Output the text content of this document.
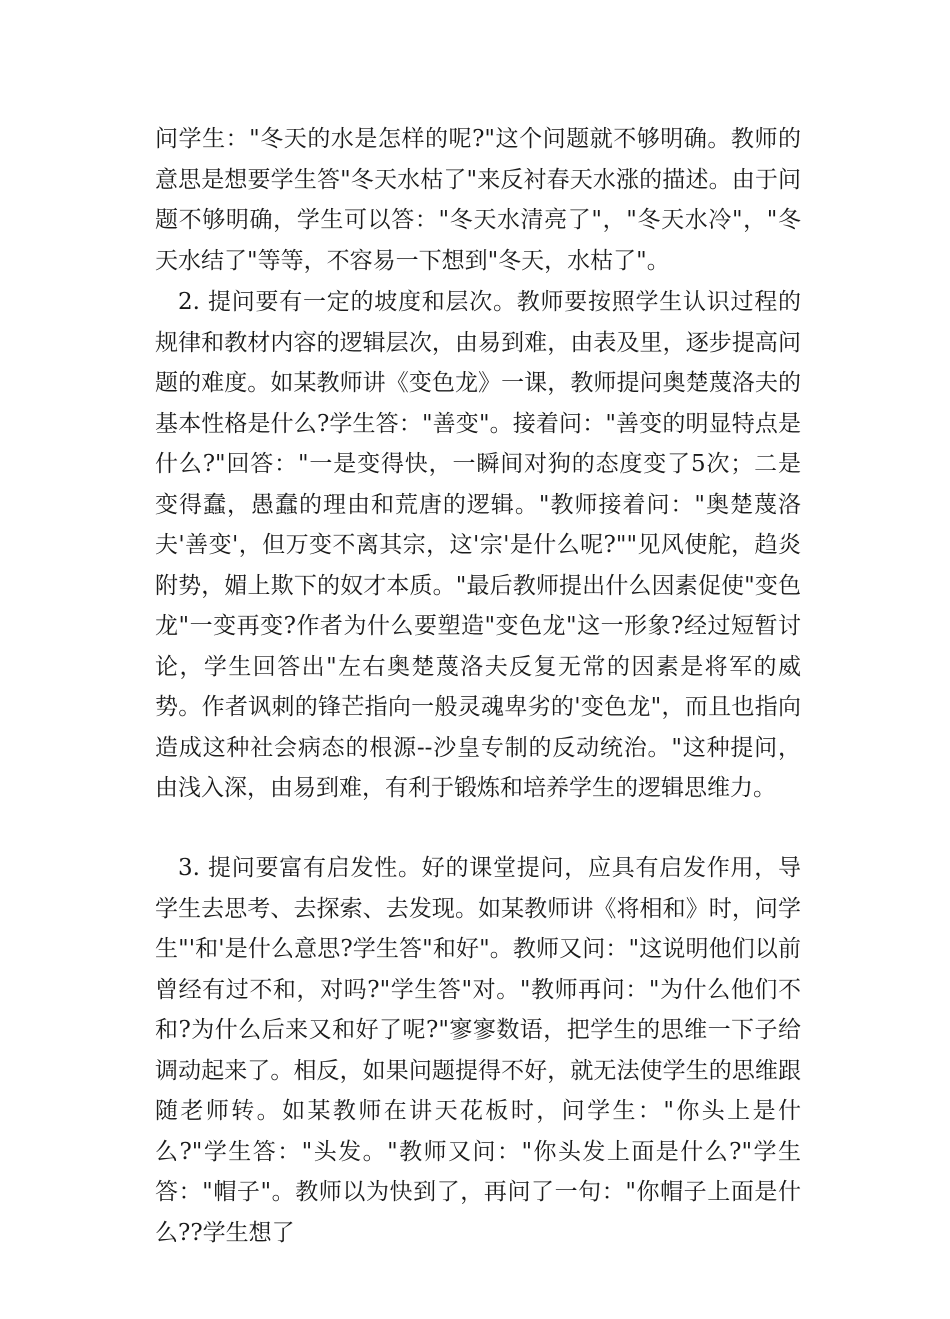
问学生："冬天的水是怎样的呢?"这个问题就不够明确。教师的意思是想要学生答"冬天水枯了"来反衬春天水涨的描述。由于问题不够明确，学生可以答："冬天水清亮了"，"冬天水冷"，"冬天水结了"等等，不容易一下想到"冬天，水枯了"。

2. 提问要有一定的坡度和层次。教师要按照学生认识过程的规律和教材内容的逻辑层次，由易到难，由表及里，逐步提高问题的难度。如某教师讲《变色龙》一课，教师提问奥楚蔑洛夫的基本性格是什么?学生答："善变"。接着问："善变的明显特点是什么?"回答："一是变得快，一瞬间对狗的态度变了5次；二是变得蠢，愚蠢的理由和荒唐的逻辑。"教师接着问："奥楚蔑洛夫'善变'，但万变不离其宗，这'宗'是什么呢?""见风使舵，趋炎附势，媚上欺下的奴才本质。"最后教师提出什么因素促使"变色龙"一变再变?作者为什么要塑造"变色龙"这一形象?经过短暂讨论，学生回答出"左右奥楚蔑洛夫反复无常的因素是将军的威势。作者讽刺的锋芒指向一般灵魂卑劣的'变色龙"，而且也指向造成这种社会病态的根源--沙皇专制的反动统治。"这种提问，由浅入深，由易到难，有利于锻炼和培养学生的逻辑思维力。

3. 提问要富有启发性。好的课堂提问，应具有启发作用，导学生去思考、去探索、去发现。如某教师讲《将相和》时，问学生"'和'是什么意思?学生答"和好"。教师又问："这说明他们以前曾经有过不和，对吗?"学生答"对。"教师再问："为什么他们不和?为什么后来又和好了呢?"寥寥数语，把学生的思维一下子给调动起来了。相反，如果问题提得不好，就无法使学生的思维跟随老师转。如某教师在讲天花板时，问学生："你头上是什么?"学生答："头发。"教师又问："你头发上面是什么?"学生答："帽子"。教师以为快到了，再问了一句："你帽子上面是什么??学生想了
